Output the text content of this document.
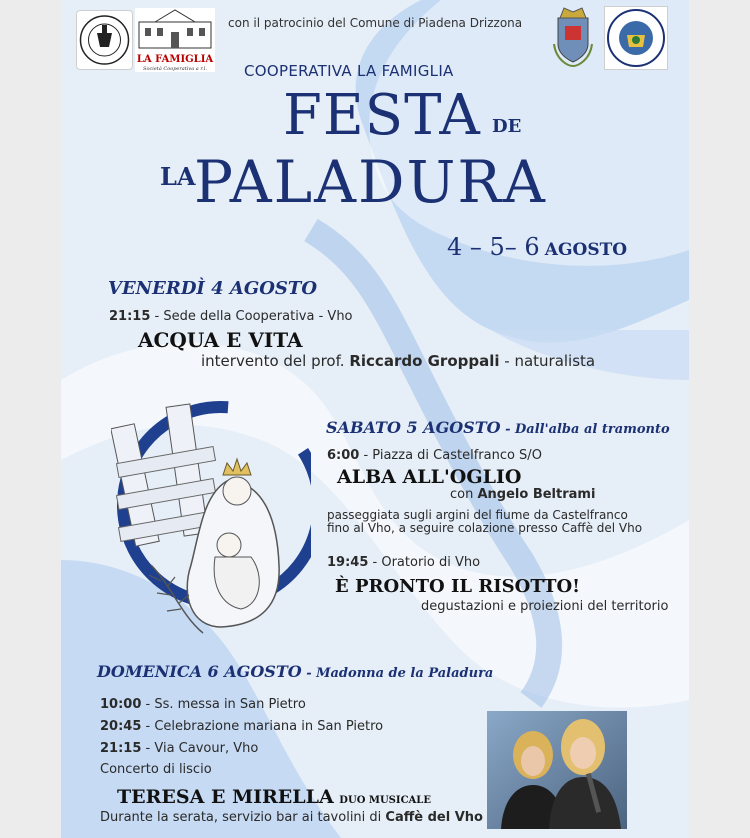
LA FAMIGLIA
Società Cooperativa a r.l.
con il patrocinio del Comune di Piadena Drizzona
COOPERATIVA LA FAMIGLIA
FESTA DE
LA
PALADURA
4 – 5– 6 AGOSTO
VENERDÌ 4 AGOSTO
21:15 - Sede della Cooperativa - Vho
ACQUA E VITA
intervento del prof. Riccardo Groppali - naturalista
SABATO 5 AGOSTO - Dall'alba al tramonto
6:00 - Piazza di Castelfranco S/O
ALBA ALL'OGLIO
con Angelo Beltrami
passeggiata sugli argini del fiume da Castelfranco
fino al Vho, a seguire colazione presso Caffè del Vho
19:45 - Oratorio di Vho
È PRONTO IL RISOTTO!
degustazioni e proiezioni del territorio
DOMENICA 6 AGOSTO - Madonna de la Paladura
10:00 - Ss. messa in San Pietro
20:45 - Celebrazione mariana in San Pietro
21:15 - Via Cavour, Vho
Concerto di liscio
TERESA E MIRELLA DUO MUSICALE
Durante la serata, servizio bar ai tavolini di Caffè del Vho
